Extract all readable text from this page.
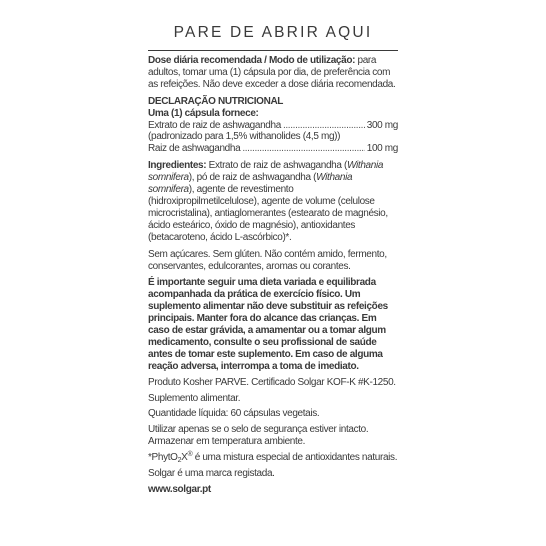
PARE DE ABRIR AQUI

Dose diária recomendada / Modo de utilização: para adultos, tomar uma (1) cápsula por dia, de preferência com as refeições. Não deve exceder a dose diária recomendada.

DECLARAÇÃO NUTRICIONAL

Uma (1) cápsula fornece:

Extrato de raiz de ashwagandha .....	300 mg

(padronizado para 1,5% withanolides (4,5 mg))

Raiz de ashwagandha .....	100 mg

Ingredientes: Extrato de raiz de ashwagandha (Withania somnifera), pó de raiz de ashwagandha (Withania somnifera), agente de revestimento (hidroxipropilmetilcelulose), agente de volume (celulose microcristalina), antiaglomerantes (estearato de magnésio, ácido esteárico, óxido de magnésio), antioxidantes (betacaroteno, ácido L-ascórbico)*.

Sem açúcares. Sem glúten. Não contém amido, fermento, conservantes, edulcorantes, aromas ou corantes.

É importante seguir uma dieta variada e equilibrada acompanhada da prática de exercício físico. Um suplemento alimentar não deve substituir as refeições principais. Manter fora do alcance das crianças. Em caso de estar grávida, a amamentar ou a tomar algum medicamento, consulte o seu profissional de saúde antes de tomar este suplemento. Em caso de alguma reação adversa, interrompa a toma de imediato.

Produto Kosher PARVE. Certificado Solgar KOF-K #K-1250.

Suplemento alimentar.

Quantidade líquida: 60 cápsulas vegetais.

Utilizar apenas se o selo de segurança estiver intacto.

Armazenar em temperatura ambiente.

*PhytO$_2$X® é uma mistura especial de antioxidantes naturais.

Solgar é uma marca registada.

www.solgar.pt
